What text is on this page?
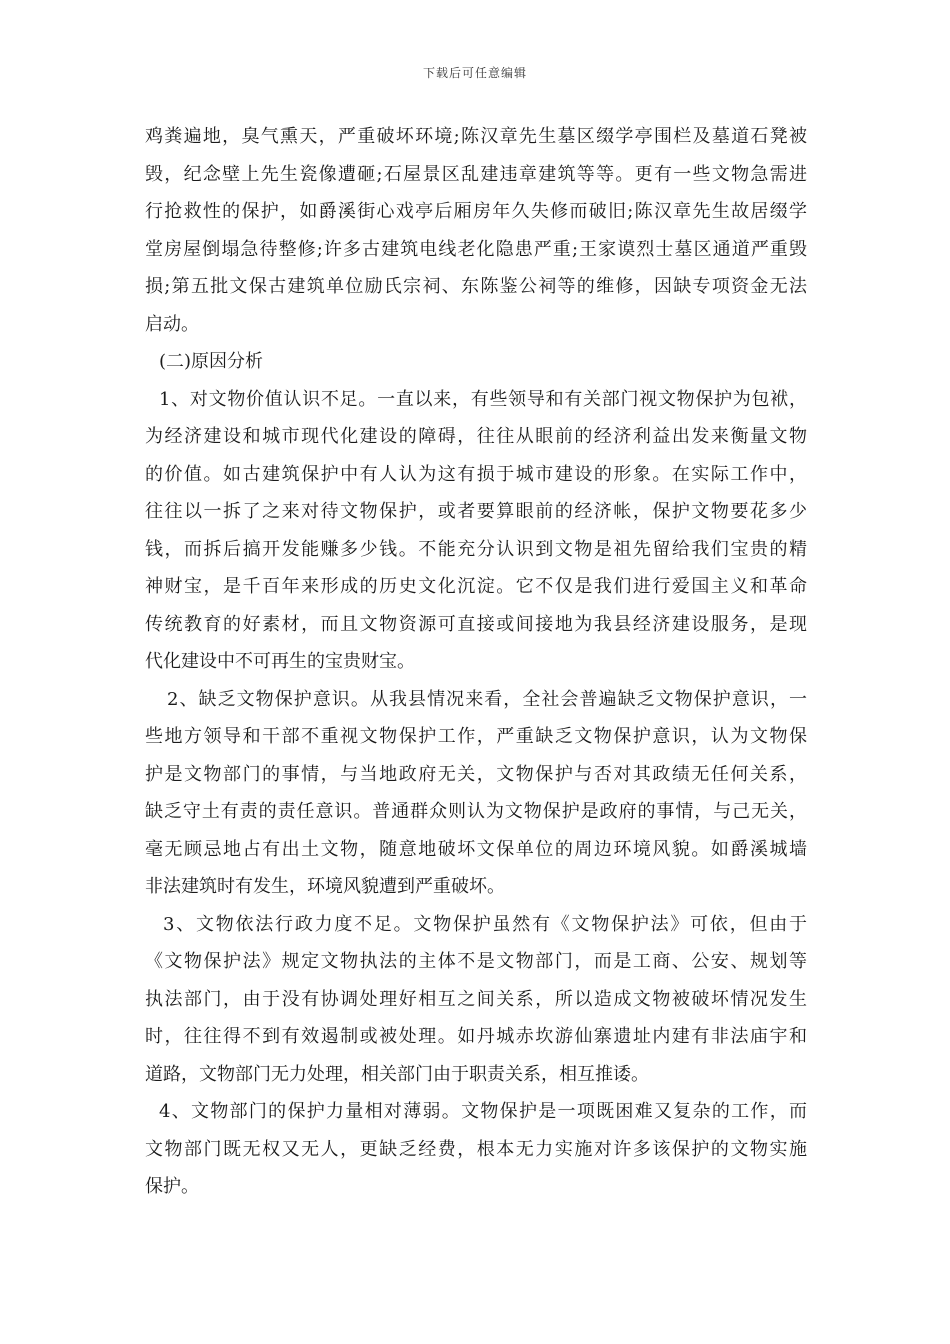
下载后可任意编辑
鸡粪遍地，臭气熏天，严重破坏环境;陈汉章先生墓区缀学亭围栏及墓道石凳被
毁，纪念壁上先生瓷像遭砸;石屋景区乱建违章建筑等等。更有一些文物急需进
行抢救性的保护，如爵溪街心戏亭后厢房年久失修而破旧;陈汉章先生故居缀学
堂房屋倒塌急待整修;许多古建筑电线老化隐患严重;王家谟烈士墓区通道严重毁
损;第五批文保古建筑单位励氏宗祠、东陈鉴公祠等的维修，因缺专项资金无法
启动。
(二)原因分析
1、对文物价值认识不足。一直以来，有些领导和有关部门视文物保护为包袱，
为经济建设和城市现代化建设的障碍，往往从眼前的经济利益出发来衡量文物
的价值。如古建筑保护中有人认为这有损于城市建设的形象。在实际工作中，
往往以一拆了之来对待文物保护，或者要算眼前的经济帐，保护文物要花多少
钱，而拆后搞开发能赚多少钱。不能充分认识到文物是祖先留给我们宝贵的精
神财宝，是千百年来形成的历史文化沉淀。它不仅是我们进行爱国主义和革命
传统教育的好素材，而且文物资源可直接或间接地为我县经济建设服务，是现
代化建设中不可再生的宝贵财宝。
2、缺乏文物保护意识。从我县情况来看，全社会普遍缺乏文物保护意识，一
些地方领导和干部不重视文物保护工作，严重缺乏文物保护意识，认为文物保
护是文物部门的事情，与当地政府无关，文物保护与否对其政绩无任何关系，
缺乏守土有责的责任意识。普通群众则认为文物保护是政府的事情，与己无关，
毫无顾忌地占有出土文物，随意地破坏文保单位的周边环境风貌。如爵溪城墙
非法建筑时有发生，环境风貌遭到严重破坏。
3、文物依法行政力度不足。文物保护虽然有《文物保护法》可依，但由于
《文物保护法》规定文物执法的主体不是文物部门，而是工商、公安、规划等
执法部门，由于没有协调处理好相互之间关系，所以造成文物被破坏情况发生
时，往往得不到有效遏制或被处理。如丹城赤坎游仙寨遗址内建有非法庙宇和
道路，文物部门无力处理，相关部门由于职责关系，相互推诿。
4、文物部门的保护力量相对薄弱。文物保护是一项既困难又复杂的工作，而
文物部门既无权又无人，更缺乏经费，根本无力实施对许多该保护的文物实施
保护。
